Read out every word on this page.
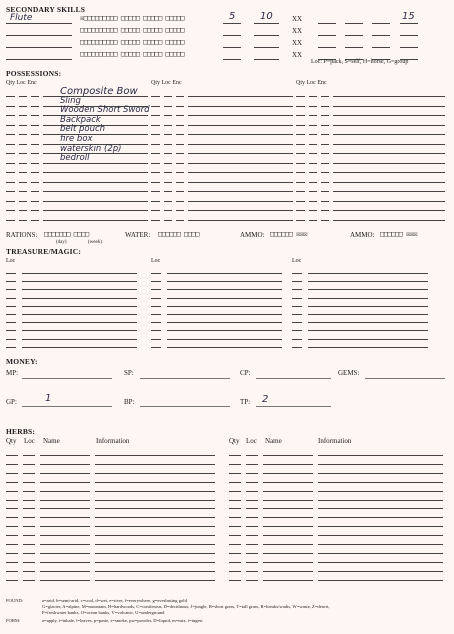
SECONDARY SKILLS
Flute	☒□□□□□□□□□ □□□□□ □□□□□ □□□□□	XX
5 10	15
□□□□□□□□□□ □□□□□ □□□□□ □□□□□	XX
□□□□□□□□□□ □□□□□ □□□□□ □□□□□	XX
□□□□□□□□□□ □□□□□ □□□□□ □□□□□	XX
Loc: P=pack, S=self, H=horse, G=group
POSSESSIONS:
Qty Loc Enc	Qty Loc Enc	Qty Loc Enc
Composite Bow
Sling
Wooden Short Sword
Backpack
belt pouch
fire box
waterskin (2p)
bedroll
RATIONS: □□□□□□□ □□□□
(day)	(week)
WATER: □□□□□□ □□□□	AMMO: □□□□□□ ☒☒☒	AMMO: □□□□□□ ☒☒☒
TREASURE/MAGIC:
Loc	Loc	Loc
MONEY:
MP:	SP:	CP:	GEMS:
GP:	1	BP:	TP: 2
HERBS:
Qty Loc Name	Information	Qty Loc Name	Information
FOUND:	a=arid, b=semi-arid, c=cool, d=wet, e=river, f=everywhere, g=everlasting gold
G=glacier, A=alpine, M=mountain, H=hardwoods, C=coniferous, D=deciduous, J=jungle, B=short grass, T=tall grass, R=breaks/wadis, W=waste, Z=desert,
F=freshwater banks, O=ocean banks, V=volcanic, U=underground
FORM:	a=apply, i=inhale, l=leaves, p=paste, s=smoke, pw=powder, D=liquid, m=mix, i=ingest
